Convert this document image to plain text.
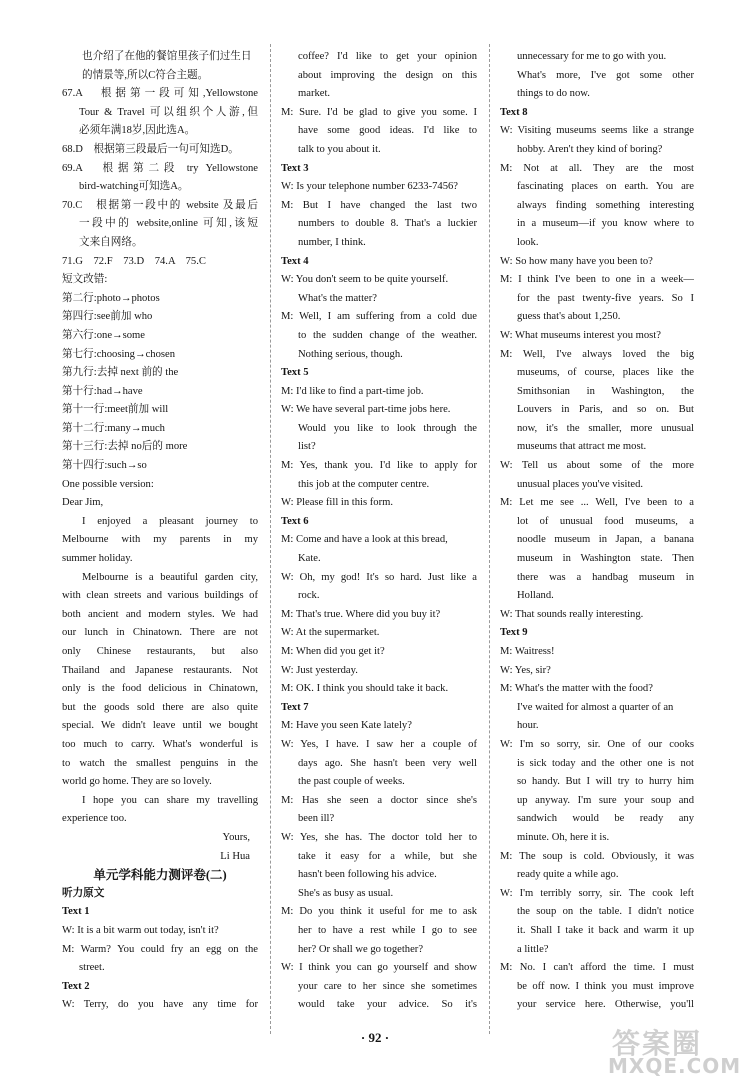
也介绍了在他的餐馆里孩子们过生日
的情景等,所以C符合主题。
67.A　根据第一段可知,Yellowstone
Tour & Travel 可以组织个人游,但
必须年满18岁,因此选A。
68.D　根据第三段最后一句可知选D。
69.A　根据第二段 try Yellowstone
bird-watching可知选A。
70.C　根据第一段中的 website 及最后
一段中的 website,online 可知,该短
文来自网络。
71.G　72.F　73.D　74.A　75.C
短文改错:
第二行:photo→photos
第四行:see前加 who
第六行:one→some
第七行:choosing→chosen
第九行:去掉 next 前的 the
第十行:had→have
第十一行:meet前加 will
第十二行:many→much
第十三行:去掉 no后的 more
第十四行:such→so
One possible version:
Dear Jim,
I enjoyed a pleasant journey to
Melbourne with my parents in my
summer holiday.
Melbourne is a beautiful garden city,
with clean streets and various buildings of
both ancient and modern styles. We had
our lunch in Chinatown. There are not
only Chinese restaurants, but also
Thailand and Japanese restaurants. Not
only is the food delicious in Chinatown,
but the goods sold there are also quite
special. We didn't leave until we bought
too much to carry. What's wonderful is
to watch the smallest penguins in the
world go home. They are so lovely.
I hope you can share my travelling
experience too.
Yours,
Li Hua
单元学科能力测评卷(二)
听力原文
Text 1
W: It is a bit warm out today, isn't it?
M: Warm? You could fry an egg on the
street.
Text 2
W: Terry, do you have any time for
coffee? I'd like to get your opinion
about improving the design on this
market.
M: Sure. I'd be glad to give you some. I
have some good ideas. I'd like to
talk to you about it.
Text 3
W: Is your telephone number 6233-7456?
M: But I have changed the last two
numbers to double 8. That's a luckier
number, I think.
Text 4
W: You don't seem to be quite yourself.
What's the matter?
M: Well, I am suffering from a cold due
to the sudden change of the weather.
Nothing serious, though.
Text 5
M: I'd like to find a part-time job.
W: We have several part-time jobs here.
Would you like to look through the
list?
M: Yes, thank you. I'd like to apply for
this job at the computer centre.
W: Please fill in this form.
Text 6
M: Come and have a look at this bread,
Kate.
W: Oh, my god! It's so hard. Just like a
rock.
M: That's true. Where did you buy it?
W: At the supermarket.
M: When did you get it?
W: Just yesterday.
M: OK. I think you should take it back.
Text 7
M: Have you seen Kate lately?
W: Yes, I have. I saw her a couple of
days ago. She hasn't been very well
the past couple of weeks.
M: Has she seen a doctor since she's
been ill?
W: Yes, she has. The doctor told her to
take it easy for a while, but she
hasn't been following his advice.
She's as busy as usual.
M: Do you think it useful for me to ask
her to have a rest while I go to see
her? Or shall we go together?
W: I think you can go yourself and show
your care to her since she sometimes
would take your advice. So it's
unnecessary for me to go with you.
What's more, I've got some other
things to do now.
Text 8
W: Visiting museums seems like a strange
hobby. Aren't they kind of boring?
M: Not at all. They are the most
fascinating places on earth. You are
always finding something interesting
in a museum—if you know where to
look.
W: So how many have you been to?
M: I think I've been to one in a week—
for the past twenty-five years. So I
guess that's about 1,250.
W: What museums interest you most?
M: Well, I've always loved the big
museums, of course, places like the
Smithsonian in Washington, the
Louvers in Paris, and so on. But
now, it's the smaller, more unusual
museums that attract me most.
W: Tell us about some of the more
unusual places you've visited.
M: Let me see ... Well, I've been to a
lot of unusual food museums, a
noodle museum in Japan, a banana
museum in Washington state. Then
there was a handbag museum in
Holland.
W: That sounds really interesting.
Text 9
M: Waitress!
W: Yes, sir?
M: What's the matter with the food?
I've waited for almost a quarter of an
hour.
W: I'm so sorry, sir. One of our cooks
is sick today and the other one is not
so handy. But I will try to hurry him
up anyway. I'm sure your soup and
sandwich would be ready any
minute. Oh, here it is.
M: The soup is cold. Obviously, it was
ready quite a while ago.
W: I'm terribly sorry, sir. The cook left
the soup on the table. I didn't notice
it. Shall I take it back and warm it up
a little?
M: No. I can't afford the time. I must
be off now. I think you must improve
your service here. Otherwise, you'll
· 92 ·	答案圈
MXQE.COM
